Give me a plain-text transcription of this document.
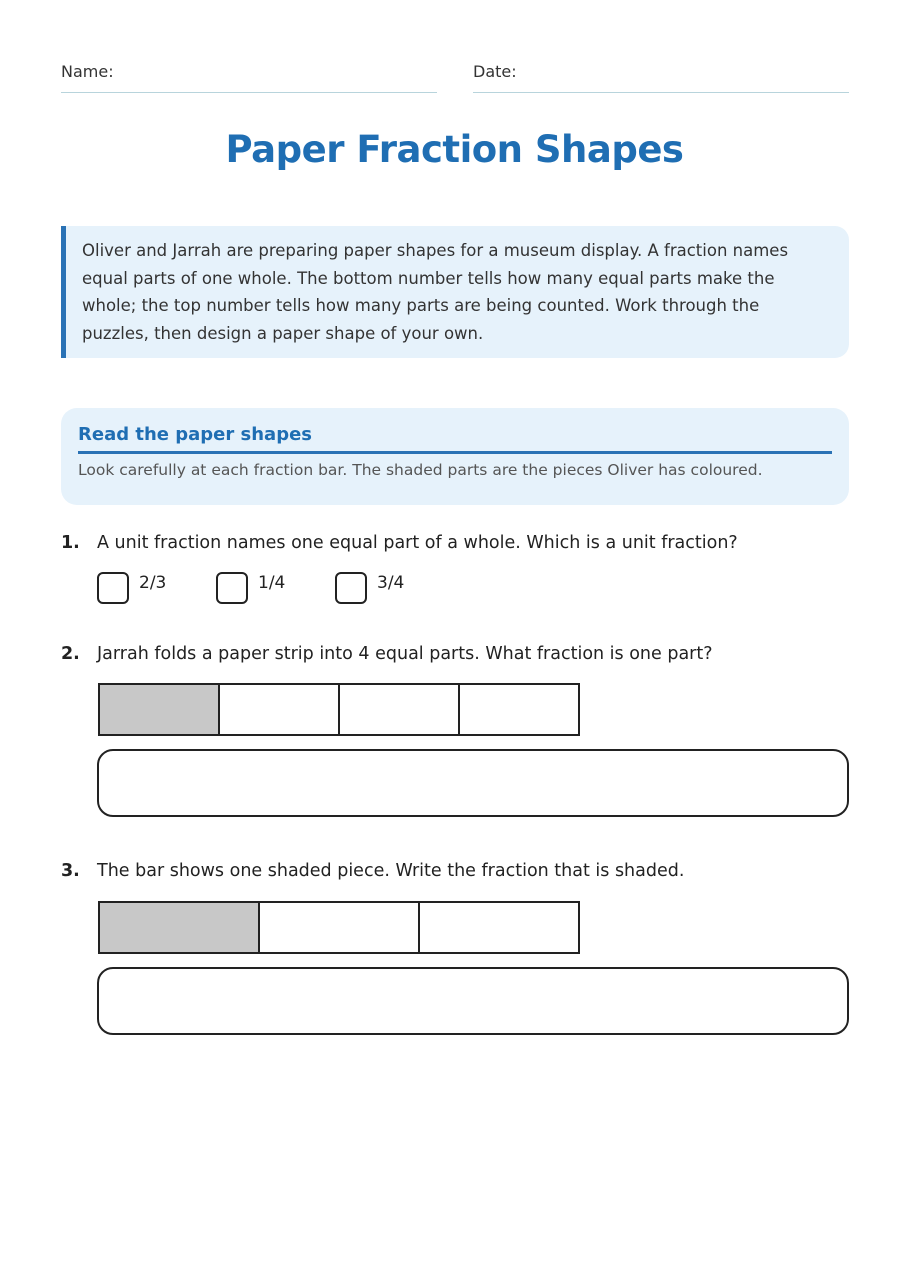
Name:	Date:
Paper Fraction Shapes
Oliver and Jarrah are preparing paper shapes for a museum display. A fraction names equal parts of one whole. The bottom number tells how many equal parts make the whole; the top number tells how many parts are being counted. Work through the puzzles, then design a paper shape of your own.
Read the paper shapes
Look carefully at each fraction bar. The shaded parts are the pieces Oliver has coloured.
1. A unit fraction names one equal part of a whole. Which is a unit fraction?
2/3	1/4	3/4
2. Jarrah folds a paper strip into 4 equal parts. What fraction is one part?
3. The bar shows one shaded piece. Write the fraction that is shaded.
